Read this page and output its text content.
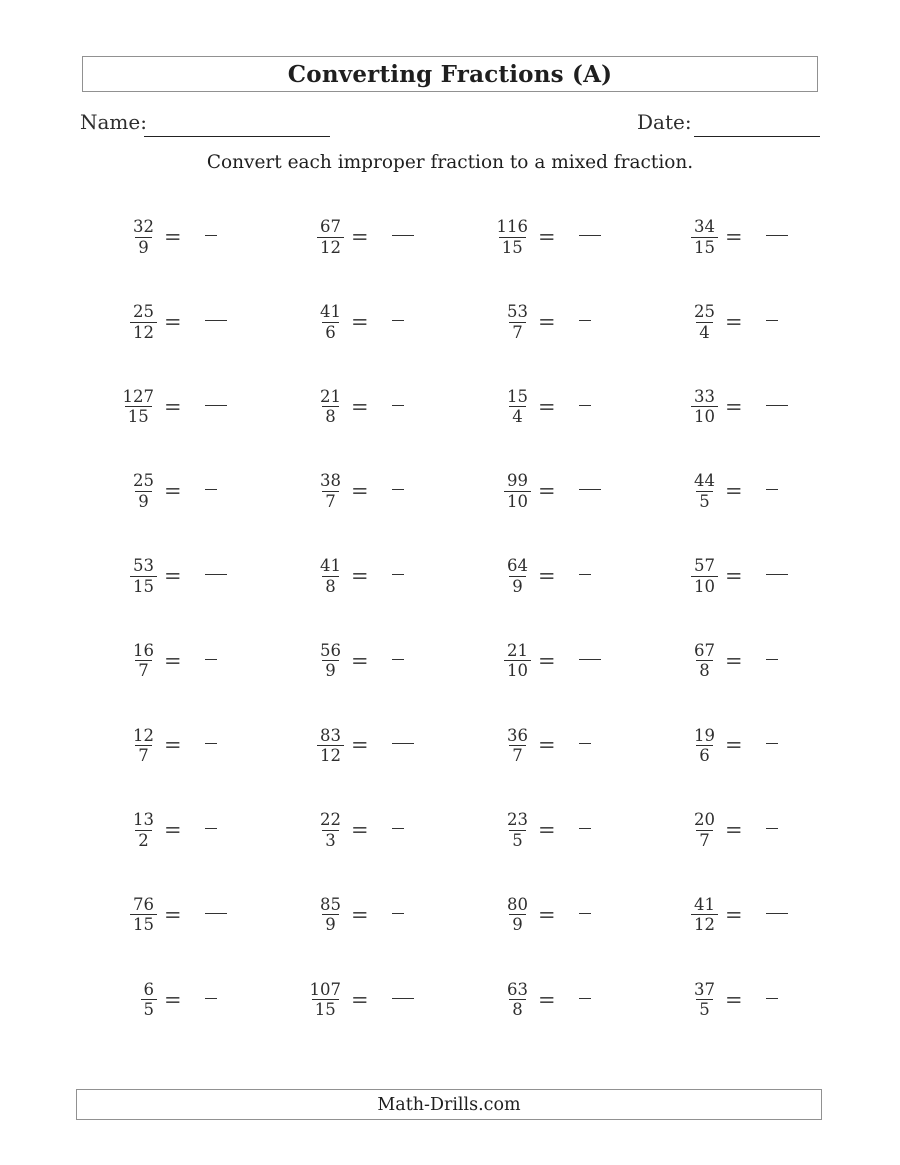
Converting Fractions (A)
Name:	Date:
Convert each improper fraction to a mixed fraction.
$\frac{32}{9}$ =	$\frac{67}{12}$ =	$\frac{116}{15}$ =	$\frac{34}{15}$ =
$\frac{25}{12}$ =	$\frac{41}{6}$ =	$\frac{53}{7}$ =	$\frac{25}{4}$ =
$\frac{127}{15}$ =	$\frac{21}{8}$ =	$\frac{15}{4}$ =	$\frac{33}{10}$ =
$\frac{25}{9}$ =	$\frac{38}{7}$ =	$\frac{99}{10}$ =	$\frac{44}{5}$ =
$\frac{53}{15}$ =	$\frac{41}{8}$ =	$\frac{64}{9}$ =	$\frac{57}{10}$ =
$\frac{16}{7}$ =	$\frac{56}{9}$ =	$\frac{21}{10}$ =	$\frac{67}{8}$ =
$\frac{12}{7}$ =	$\frac{83}{12}$ =	$\frac{36}{7}$ =	$\frac{19}{6}$ =
$\frac{13}{2}$ =	$\frac{22}{3}$ =	$\frac{23}{5}$ =	$\frac{20}{7}$ =
$\frac{76}{15}$ =	$\frac{85}{9}$ =	$\frac{80}{9}$ =	$\frac{41}{12}$ =
$\frac{6}{5}$ =	$\frac{107}{15}$ =	$\frac{63}{8}$ =	$\frac{37}{5}$ =
Math-Drills.com
